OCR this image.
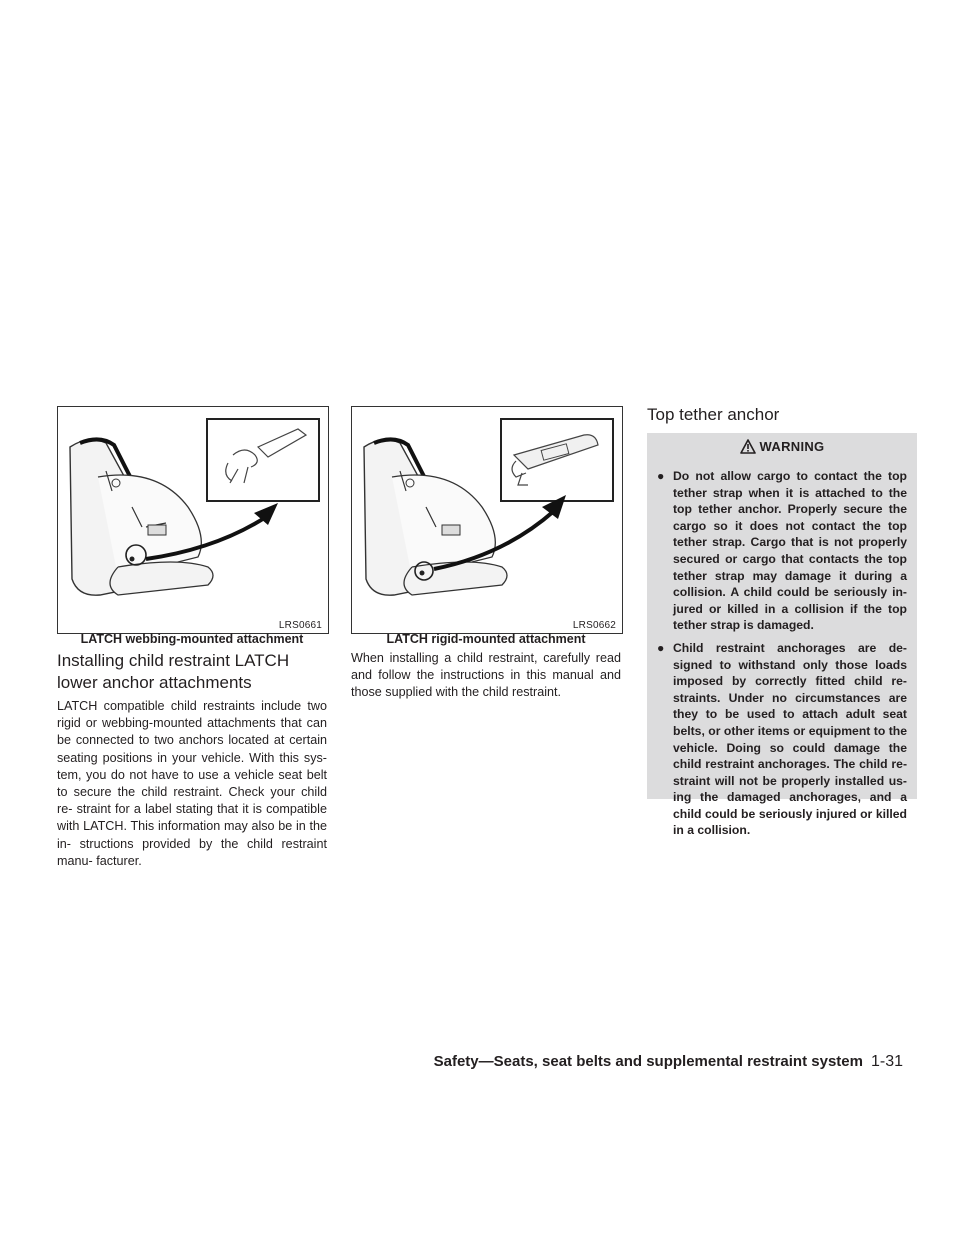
LRS0661
LATCH webbing-mounted attachment
LRS0662
LATCH rigid-mounted attachment
Installing child restraint LATCH lower anchor attachments

LATCH compatible child restraints include two rigid or webbing-mounted attachments that can be connected to two anchors located at certain seating positions in your vehicle. With this sys- tem, you do not have to use a vehicle seat belt to secure the child restraint. Check your child re- straint for a label stating that it is compatible with LATCH. This information may also be in the in- structions provided by the child restraint manu- facturer.

When installing a child restraint, carefully read and follow the instructions in this manual and those supplied with the child restraint.

Top tether anchor
WARNING
● Do not allow cargo to contact the top tether strap when it is attached to the top tether anchor. Properly secure the cargo so it does not contact the top tether strap. Cargo that is not properly secured or cargo that contacts the top tether strap may damage it during a collision. A child could be seriously in- jured or killed in a collision if the top tether strap is damaged.
● Child restraint anchorages are de- signed to withstand only those loads imposed by correctly fitted child re- straints. Under no circumstances are they to be used to attach adult seat belts, or other items or equipment to the vehicle. Doing so could damage the child restraint anchorages. The child re- straint will not be properly installed us- ing the damaged anchorages, and a child could be seriously injured or killed in a collision.
Safety—Seats, seat belts and supplemental restraint system 1-31
